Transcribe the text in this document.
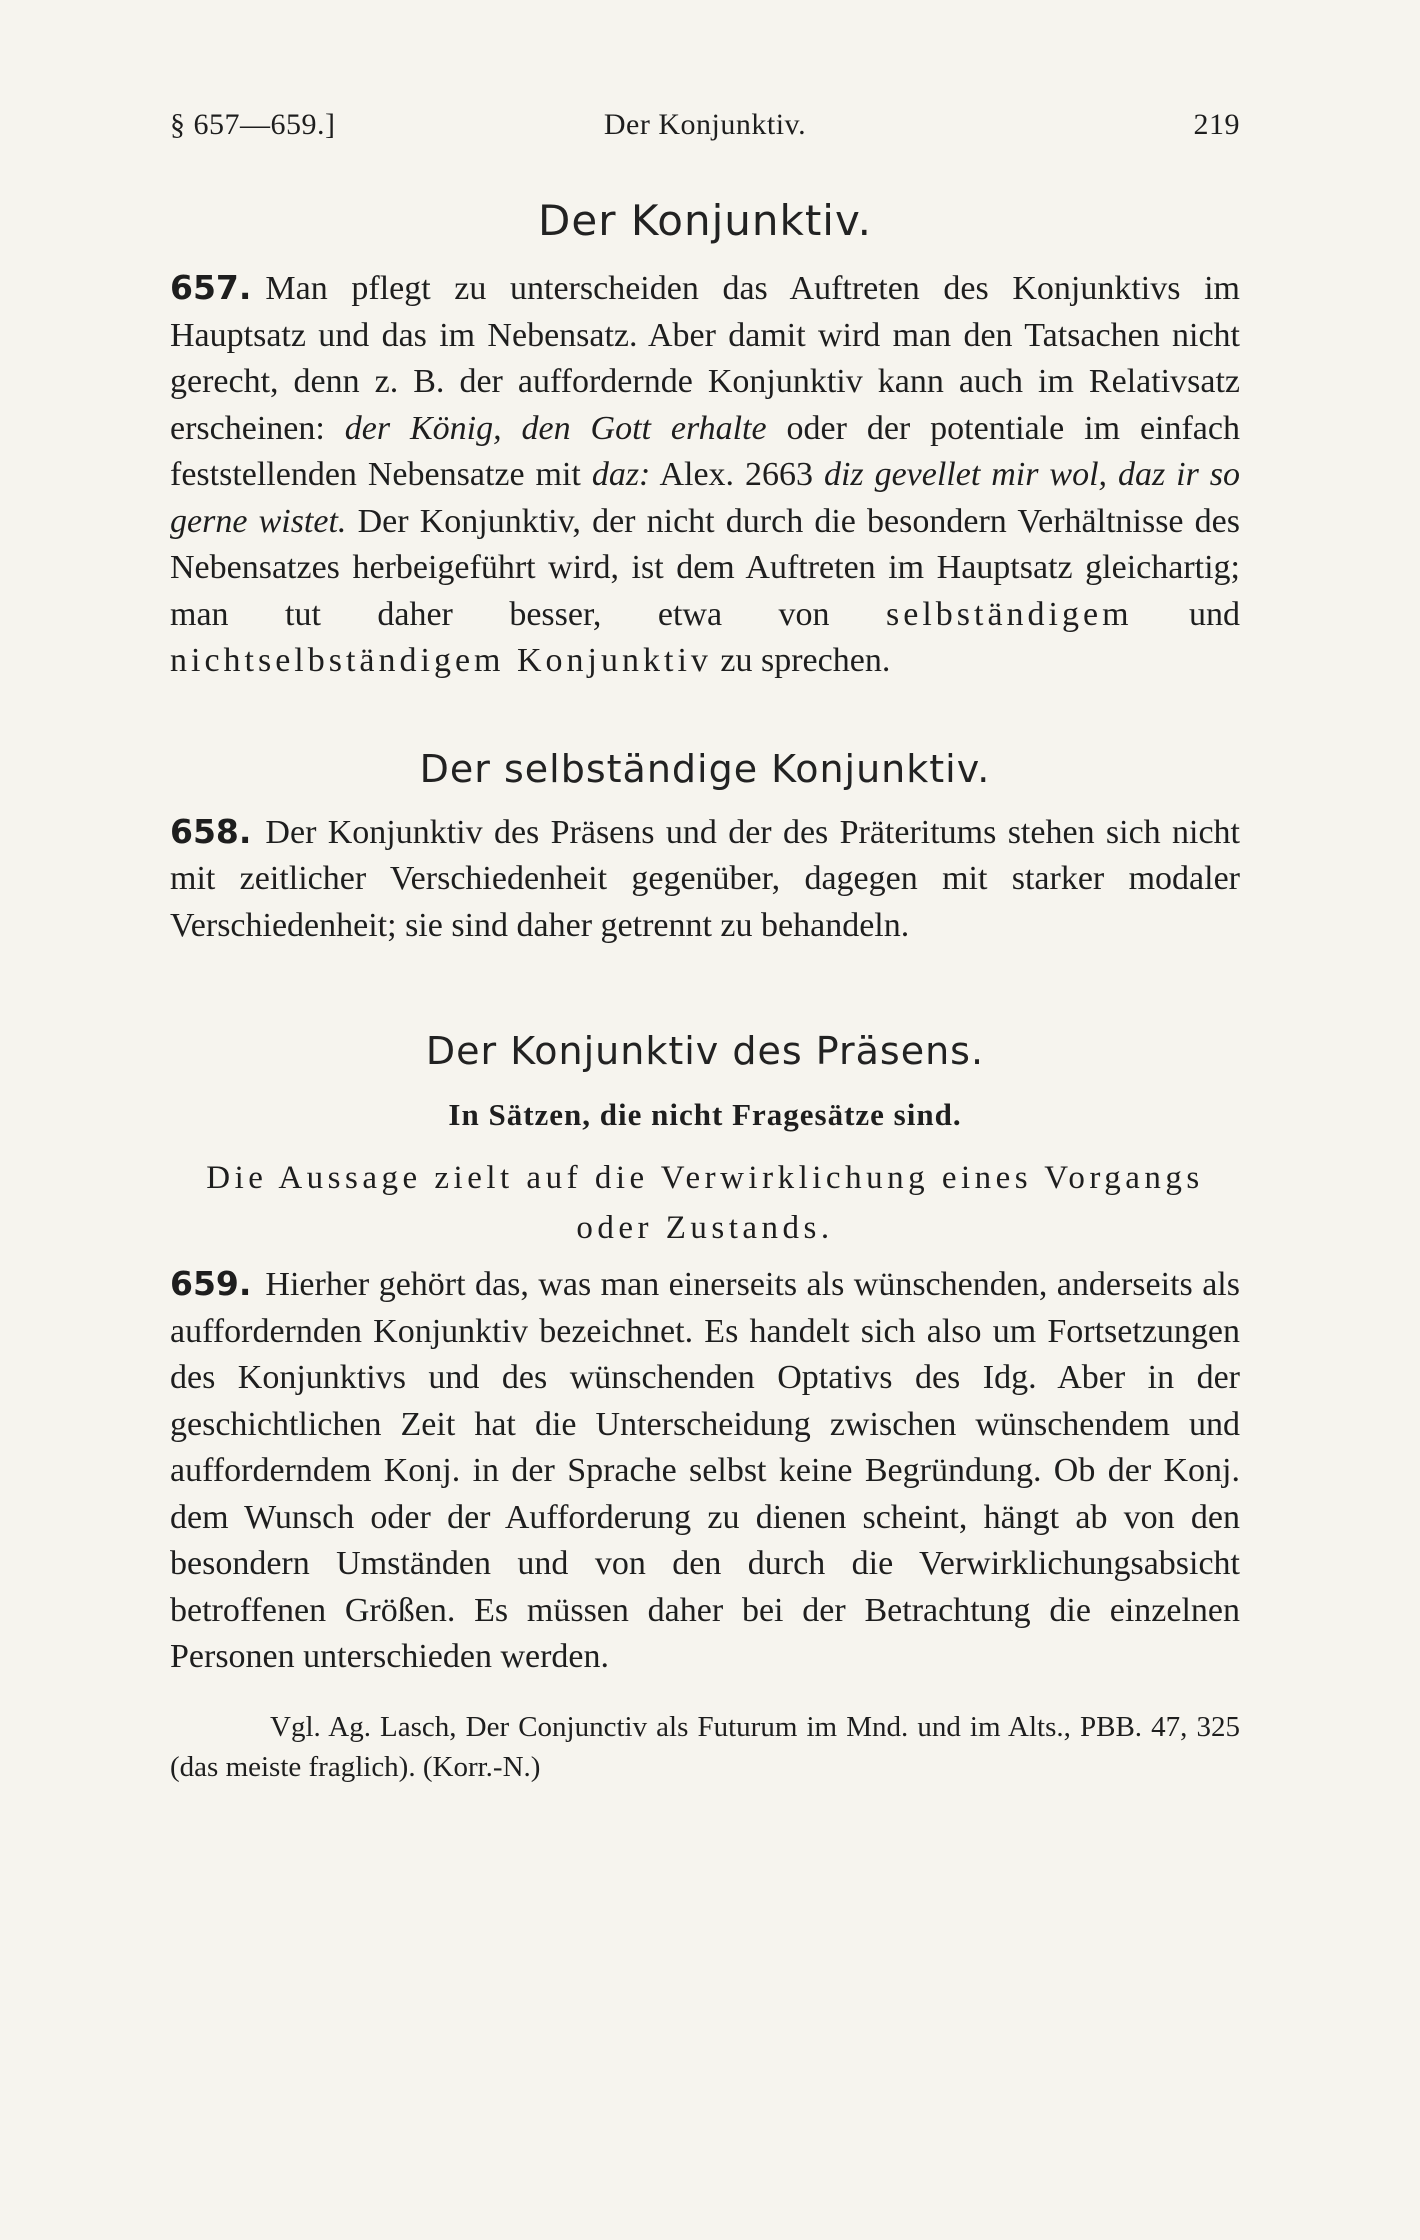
§ 657—659.]	Der Konjunktiv.	219
Der Konjunktiv.

657. Man pflegt zu unterscheiden das Auftreten des Konjunktivs im Hauptsatz und das im Nebensatz. Aber damit wird man den Tatsachen nicht gerecht, denn z. B. der auffordernde Konjunktiv kann auch im Relativsatz erscheinen: der König, den Gott erhalte oder der potentiale im einfach feststellenden Nebensatze mit daz: Alex. 2663 diz gevellet mir wol, daz ir so gerne wistet. Der Konjunktiv, der nicht durch die besondern Verhältnisse des Nebensatzes herbeigeführt wird, ist dem Auftreten im Hauptsatz gleichartig; man tut daher besser, etwa von selbständigem und nichtselbständigem Konjunktiv zu sprechen.

Der selbständige Konjunktiv.

658. Der Konjunktiv des Präsens und der des Präteritums stehen sich nicht mit zeitlicher Verschiedenheit gegenüber, dagegen mit starker modaler Verschiedenheit; sie sind daher getrennt zu behandeln.

Der Konjunktiv des Präsens.
In Sätzen, die nicht Fragesätze sind.
Die Aussage zielt auf die Verwirklichung eines Vorgangs oder Zustands.

659. Hierher gehört das, was man einerseits als wünschenden, anderseits als auffordernden Konjunktiv bezeichnet. Es handelt sich also um Fortsetzungen des Konjunktivs und des wünschenden Optativs des Idg. Aber in der geschichtlichen Zeit hat die Unterscheidung zwischen wünschendem und aufforderndem Konj. in der Sprache selbst keine Begründung. Ob der Konj. dem Wunsch oder der Aufforderung zu dienen scheint, hängt ab von den besondern Umständen und von den durch die Verwirklichungsabsicht betroffenen Größen. Es müssen daher bei der Betrachtung die einzelnen Personen unterschieden werden.

Vgl. Ag. Lasch, Der Conjunctiv als Futurum im Mnd. und im Alts., PBB. 47, 325 (das meiste fraglich). (Korr.-N.)
